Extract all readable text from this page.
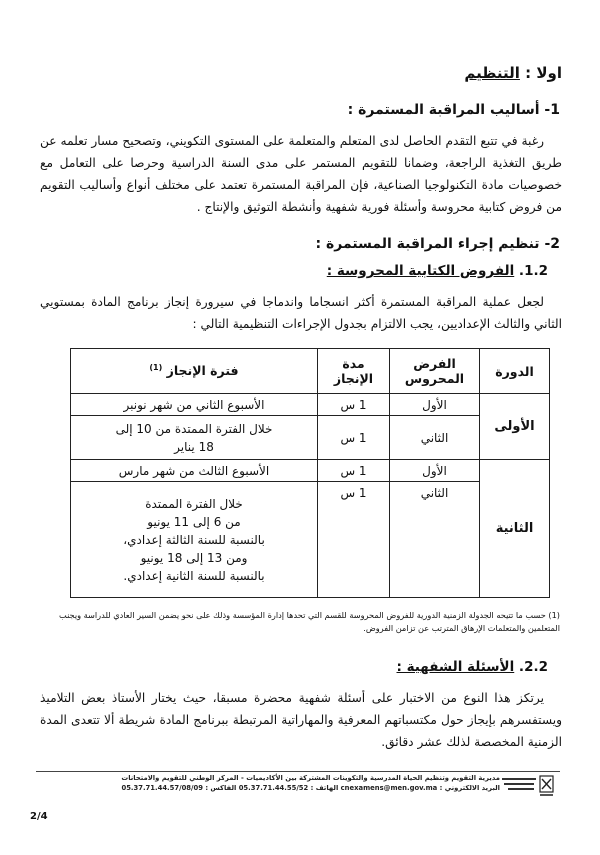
اولا : التنظيم
1- أساليب المراقبة المستمرة :
رغبة في تتبع التقدم الحاصل لدى المتعلم والمتعلمة على المستوى التكويني، وتصحيح مسار تعلمه عن طريق التغذية الراجعة، وضمانا للتقويم المستمر على مدى السنة الدراسية وحرصا على التعامل مع خصوصيات مادة التكنولوجيا الصناعية، فإن المراقبة المستمرة تعتمد على مختلف أنواع وأساليب التقويم من فروض كتابية محروسة وأسئلة فورية شفهية وأنشطة التوثيق والإنتاج .
2- تنظيم إجراء المراقبة المستمرة :
1.2. الفروض الكتابية المحروسة :
لجعل عملية المراقبة المستمرة أكثر انسجاما واندماجا في سيرورة إنجاز برنامج المادة بمستويي الثاني والثالث الإعداديين، يجب الالتزام بجدول الإجراءات التنظيمية التالي :
الدورة	الفرض المحروس	مدة الإنجاز	فترة الإنجاز $^{(1)}$
الأولى	الأول	1 س	الأسبوع الثاني من شهر نونبر
	الثاني	1 س	خلال الفترة الممتدة من 10 إلى
18 يناير

الثانية	الأول	1 س	الأسبوع الثالث من شهر مارس
	الثاني	1 س	خلال الفترة الممتدة
من 6 إلى 11 يونيو
بالنسبة للسنة الثالثة إعدادي،
ومن 13 إلى 18 يونيو
بالنسبة للسنة الثانية إعدادي.
(1) حسب ما تتيحه الجدولة الزمنية الدورية للفروض المحروسة للقسم التي تحدها إدارة المؤسسة وذلك على نحو يضمن السير العادي للدراسة ويجنب المتعلمين والمتعلمات الإرهاق المترتب عن تزامن الفروض.
2.2. الأسئلة الشفهية :
يرتكز هذا النوع من الاختبار على أسئلة شفهية محضرة مسبقا، حيث يختار الأستاذ بعض التلاميذ ويستفسرهم بإيجاز حول مكتسباتهم المعرفية والمهاراتية المرتبطة ببرنامج المادة شريطة ألا تتعدى المدة الزمنية المخصصة لذلك عشر دقائق.
مديرية التقويم وتنظيم الحياة المدرسية والتكوينات المشتركة بين الأكاديميات - المركز الوطني للتقويم والامتحانات
البريد الالكتروني : cnexamens@men.gov.ma الهاتف : 05.37.71.44.55/52 الفاكس : 05.37.71.44.57/08/09
2/4
